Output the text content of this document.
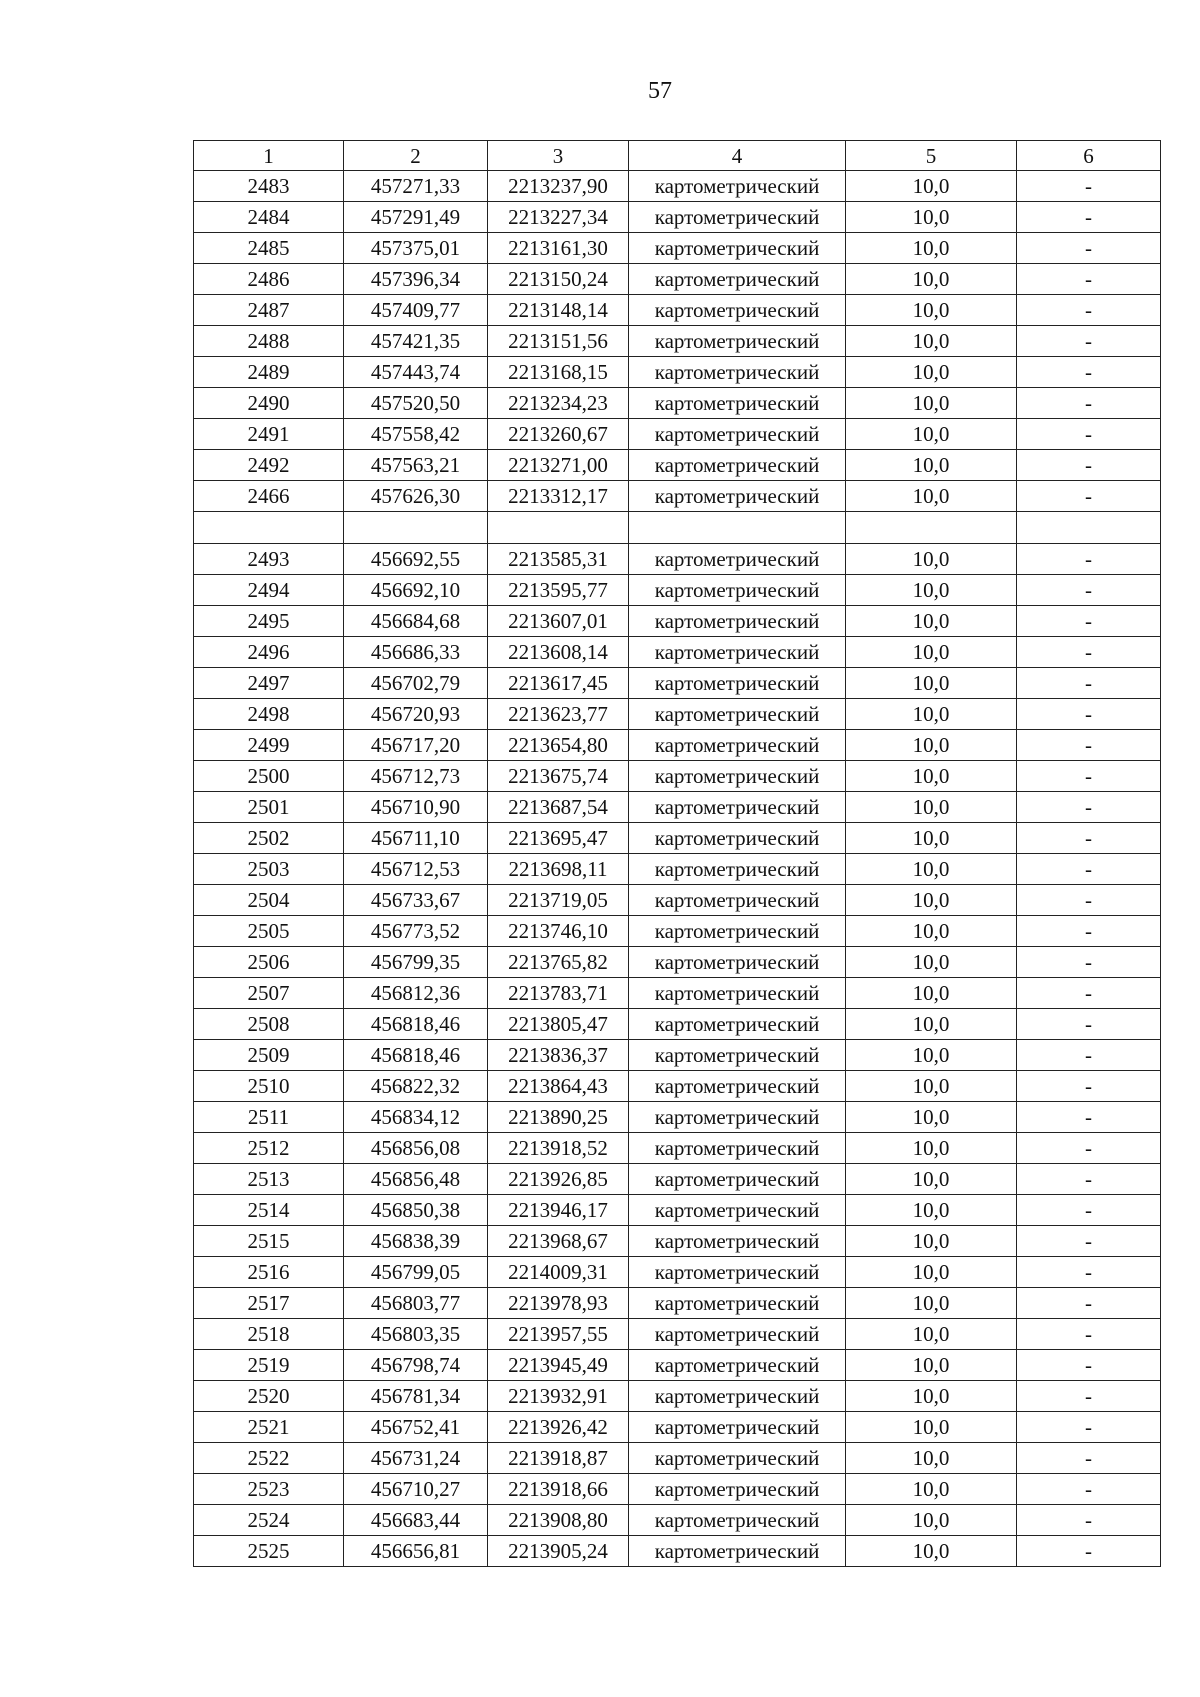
57
1	2	3	4	5	6
2483	457271,33	2213237,90	картометрический	10,0	-
2484	457291,49	2213227,34	картометрический	10,0	-
2485	457375,01	2213161,30	картометрический	10,0	-
2486	457396,34	2213150,24	картометрический	10,0	-
2487	457409,77	2213148,14	картометрический	10,0	-
2488	457421,35	2213151,56	картометрический	10,0	-
2489	457443,74	2213168,15	картометрический	10,0	-
2490	457520,50	2213234,23	картометрический	10,0	-
2491	457558,42	2213260,67	картометрический	10,0	-
2492	457563,21	2213271,00	картометрический	10,0	-
2466	457626,30	2213312,17	картометрический	10,0	-

2493	456692,55	2213585,31	картометрический	10,0	-
2494	456692,10	2213595,77	картометрический	10,0	-
2495	456684,68	2213607,01	картометрический	10,0	-
2496	456686,33	2213608,14	картометрический	10,0	-
2497	456702,79	2213617,45	картометрический	10,0	-
2498	456720,93	2213623,77	картометрический	10,0	-
2499	456717,20	2213654,80	картометрический	10,0	-
2500	456712,73	2213675,74	картометрический	10,0	-
2501	456710,90	2213687,54	картометрический	10,0	-
2502	456711,10	2213695,47	картометрический	10,0	-
2503	456712,53	2213698,11	картометрический	10,0	-
2504	456733,67	2213719,05	картометрический	10,0	-
2505	456773,52	2213746,10	картометрический	10,0	-
2506	456799,35	2213765,82	картометрический	10,0	-
2507	456812,36	2213783,71	картометрический	10,0	-
2508	456818,46	2213805,47	картометрический	10,0	-
2509	456818,46	2213836,37	картометрический	10,0	-
2510	456822,32	2213864,43	картометрический	10,0	-
2511	456834,12	2213890,25	картометрический	10,0	-
2512	456856,08	2213918,52	картометрический	10,0	-
2513	456856,48	2213926,85	картометрический	10,0	-
2514	456850,38	2213946,17	картометрический	10,0	-
2515	456838,39	2213968,67	картометрический	10,0	-
2516	456799,05	2214009,31	картометрический	10,0	-
2517	456803,77	2213978,93	картометрический	10,0	-
2518	456803,35	2213957,55	картометрический	10,0	-
2519	456798,74	2213945,49	картометрический	10,0	-
2520	456781,34	2213932,91	картометрический	10,0	-
2521	456752,41	2213926,42	картометрический	10,0	-
2522	456731,24	2213918,87	картометрический	10,0	-
2523	456710,27	2213918,66	картометрический	10,0	-
2524	456683,44	2213908,80	картометрический	10,0	-
2525	456656,81	2213905,24	картометрический	10,0	-
